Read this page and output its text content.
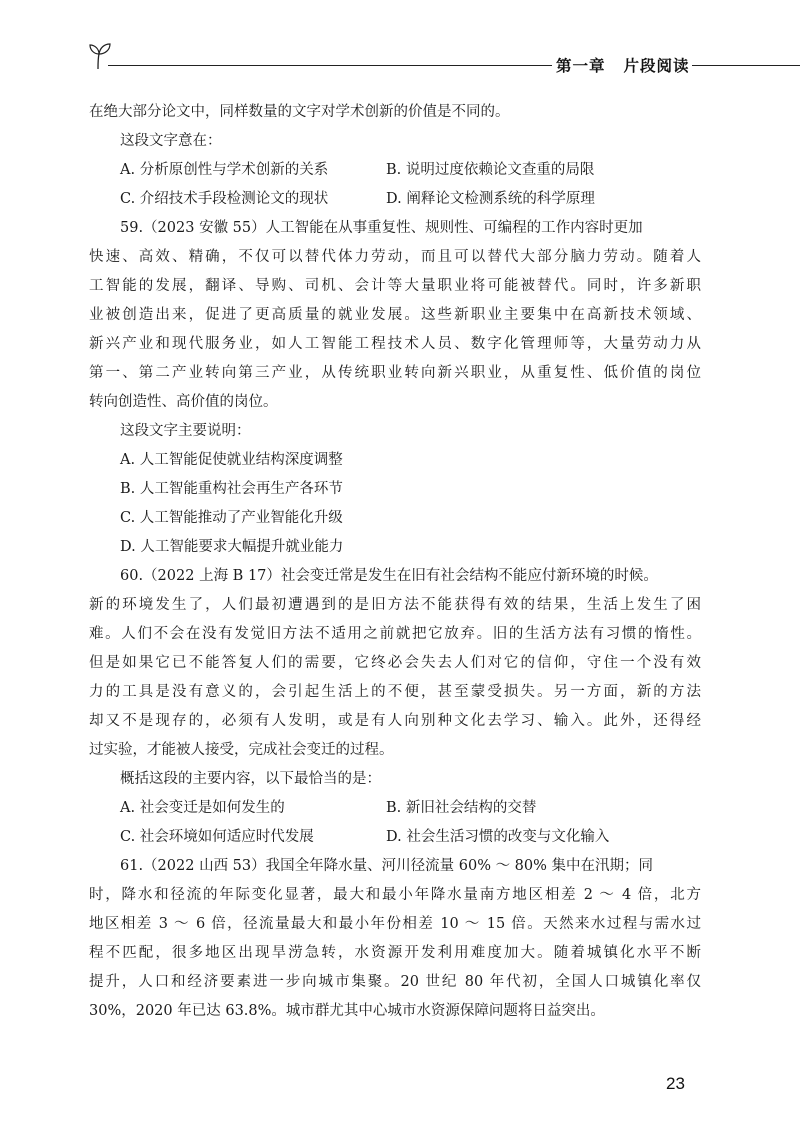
第一章 片段阅读
在绝大部分论文中，同样数量的文字对学术创新的价值是不同的。
这段文字意在：
A. 分析原创性与学术创新的关系	B. 说明过度依赖论文查重的局限
C. 介绍技术手段检测论文的现状	D. 阐释论文检测系统的科学原理
59.（2023 安徽 55）人工智能在从事重复性、规则性、可编程的工作内容时更加
快速、高效、精确，不仅可以替代体力劳动，而且可以替代大部分脑力劳动。随着人
工智能的发展，翻译、导购、司机、会计等大量职业将可能被替代。同时，许多新职
业被创造出来，促进了更高质量的就业发展。这些新职业主要集中在高新技术领域、
新兴产业和现代服务业，如人工智能工程技术人员、数字化管理师等，大量劳动力从
第一、第二产业转向第三产业，从传统职业转向新兴职业，从重复性、低价值的岗位
转向创造性、高价值的岗位。
这段文字主要说明：
A. 人工智能促使就业结构深度调整
B. 人工智能重构社会再生产各环节
C. 人工智能推动了产业智能化升级
D. 人工智能要求大幅提升就业能力
60.（2022 上海 B 17）社会变迁常是发生在旧有社会结构不能应付新环境的时候。
新的环境发生了，人们最初遭遇到的是旧方法不能获得有效的结果，生活上发生了困
难。人们不会在没有发觉旧方法不适用之前就把它放弃。旧的生活方法有习惯的惰性。
但是如果它已不能答复人们的需要，它终必会失去人们对它的信仰，守住一个没有效
力的工具是没有意义的，会引起生活上的不便，甚至蒙受损失。另一方面，新的方法
却又不是现存的，必须有人发明，或是有人向别种文化去学习、输入。此外，还得经
过实验，才能被人接受，完成社会变迁的过程。
概括这段的主要内容，以下最恰当的是：
A. 社会变迁是如何发生的	B. 新旧社会结构的交替
C. 社会环境如何适应时代发展	D. 社会生活习惯的改变与文化输入
61.（2022 山西 53）我国全年降水量、河川径流量 60% ～ 80% 集中在汛期；同
时，降水和径流的年际变化显著，最大和最小年降水量南方地区相差 2 ～ 4 倍，北方
地区相差 3 ～ 6 倍，径流量最大和最小年份相差 10 ～ 15 倍。天然来水过程与需水过
程不匹配，很多地区出现旱涝急转，水资源开发利用难度加大。随着城镇化水平不断
提升，人口和经济要素进一步向城市集聚。20 世纪 80 年代初，全国人口城镇化率仅
30%，2020 年已达 63.8%。城市群尤其中心城市水资源保障问题将日益突出。
23
